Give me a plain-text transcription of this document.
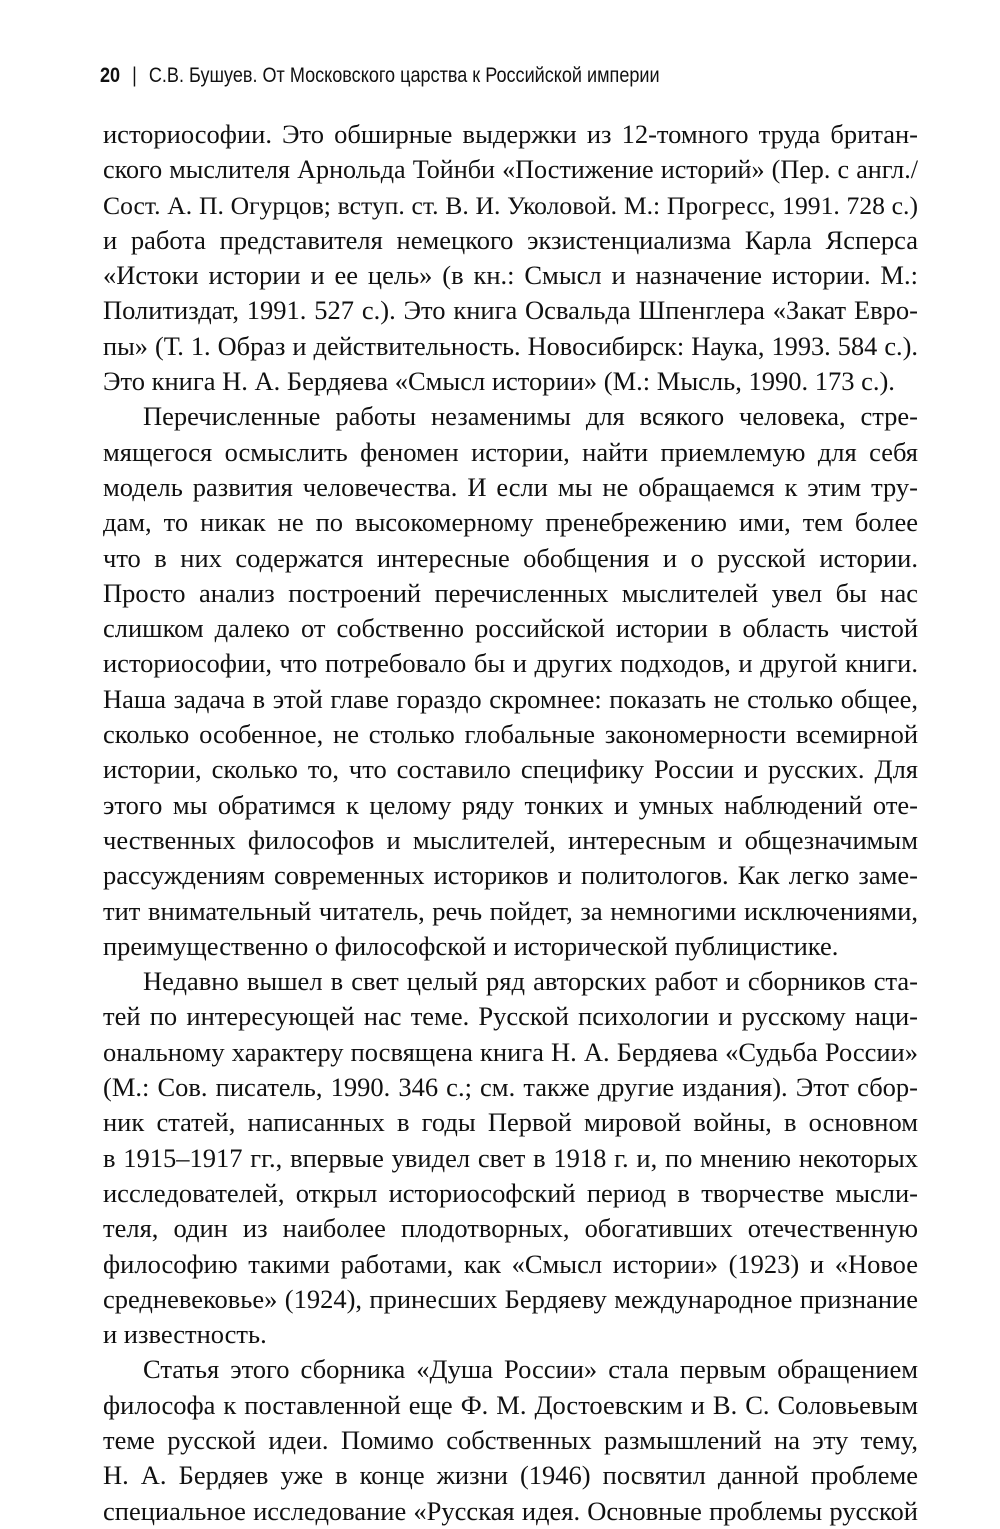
20 | С.В. Бушуев. От Московского царства к Российской империи
историософии. Это обширные выдержки из 12-томного труда британ-
ского мыслителя Арнольда Тойнби «Постижение историй» (Пер. с англ./
Сост. А. П. Огурцов; вступ. ст. В. И. Уколовой. М.: Прогресс, 1991. 728 с.)
и работа представителя немецкого экзистенциализма Карла Ясперса
«Истоки истории и ее цель» (в кн.: Смысл и назначение истории. М.:
Политиздат, 1991. 527 с.). Это книга Освальда Шпенглера «Закат Евро-
пы» (Т. 1. Образ и действительность. Новосибирск: Наука, 1993. 584 с.).
Это книга Н. А. Бердяева «Смысл истории» (М.: Мысль, 1990. 173 с.).
Перечисленные работы незаменимы для всякого человека, стре-
мящегося осмыслить феномен истории, найти приемлемую для себя
модель развития человечества. И если мы не обращаемся к этим тру-
дам, то никак не по высокомерному пренебрежению ими, тем более
что в них содержатся интересные обобщения и о русской истории.
Просто анализ построений перечисленных мыслителей увел бы нас
слишком далеко от собственно российской истории в область чистой
историософии, что потребовало бы и других подходов, и другой книги.
Наша задача в этой главе гораздо скромнее: показать не столько общее,
сколько особенное, не столько глобальные закономерности всемирной
истории, сколько то, что составило специфику России и русских. Для
этого мы обратимся к целому ряду тонких и умных наблюдений оте-
чественных философов и мыслителей, интересным и общезначимым
рассуждениям современных историков и политологов. Как легко заме-
тит внимательный читатель, речь пойдет, за немногими исключениями,
преимущественно о философской и исторической публицистике.
Недавно вышел в свет целый ряд авторских работ и сборников ста-
тей по интересующей нас теме. Русской психологии и русскому наци-
ональному характеру посвящена книга Н. А. Бердяева «Судьба России»
(М.: Сов. писатель, 1990. 346 с.; см. также другие издания). Этот сбор-
ник статей, написанных в годы Первой мировой войны, в основном
в 1915–1917 гг., впервые увидел свет в 1918 г. и, по мнению некоторых
исследователей, открыл историософский период в творчестве мысли-
теля, один из наиболее плодотворных, обогативших отечественную
философию такими работами, как «Смысл истории» (1923) и «Новое
средневековье» (1924), принесших Бердяеву международное признание
и известность.
Статья этого сборника «Душа России» стала первым обращением
философа к поставленной еще Ф. М. Достоевским и В. С. Соловьевым
теме русской идеи. Помимо собственных размышлений на эту тему,
Н. А. Бердяев уже в конце жизни (1946) посвятил данной проблеме
специальное исследование «Русская идея. Основные проблемы русской
